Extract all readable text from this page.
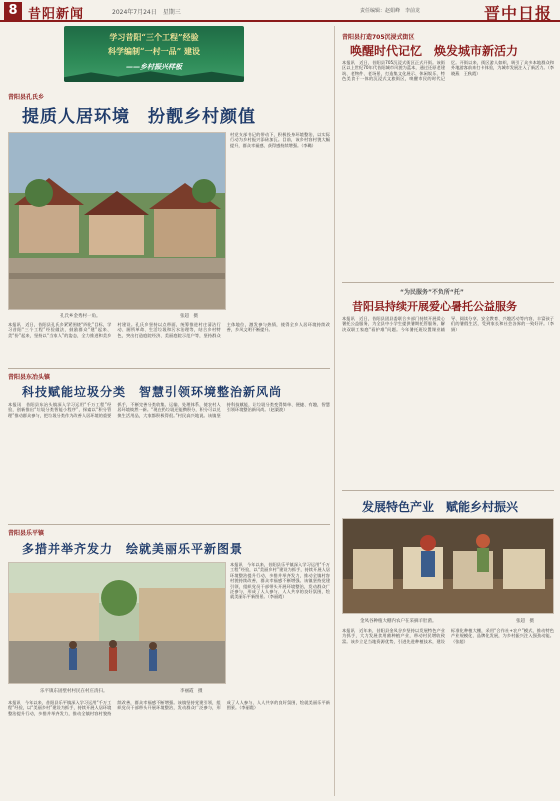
8 昔阳新闻	2024年7月24日　星期三	责任编辑：赵娟峰　李前龙	晋中日报
学习昔阳“三个工程”经验
科学编制“一村一品” 建设
——乡村振兴样板
昔阳县孔氏乡
提质人居环境　扮靓乡村颜值
孔氏乡金秀村一角。	张超　摄
村党支部书记的带动下，积极投身环境整治，以实际行动为乡村振兴添砖加瓦。目前，该乡村容村貌大幅提升，群众幸福感、获得感持续增强。（李璐）
本报讯　近日，昔阳县孔氏乡紧紧围绕“四化”目标，学习昔阳“三个工程”经验做法，鼓励群众“建”起来、美“扮”起来，坚持以“当家人”的姿态，全力推进和美乡村建设。孔氏乡坚持以点带面，统筹推进村庄清洁行动、厕所革命、生活垃圾和污水治理等，结合乡村特色，突出打造庭院经济、美丽庭院示范户等，坚持群众主体地位，激发参与热情，使得全乡人居环境持续改善，乡风文明不断提升。
昔阳县东冶头镇
科技赋能垃圾分类　智慧引领环境整治新风尚
本报讯　昔阳县东冶头镇深入学习运用“千万工程”经验，创新推出“垃圾分类智能小程序”，探索以“积分管理”推动群众参与，把垃圾分类作为改善人居环境的重要抓手，不断完善分类收集、运输、处理体系，使农村人居环境焕然一新。“现在扔垃圾还能攒积分，积分可以兑换生活用品，大家都积极得很。”村民高兴地说。该镇坚持科技赋能，让垃圾分类变得简单、便捷、有趣，智慧引领环境整治新风尚。（赵栗波）
昔阳县乐平镇
多措并举齐发力　绘就美丽乐平新图景
乐平镇东固壁村村民在村庄清扫。	李丽霞　摄
本报讯　今年以来，昔阳县乐平镇深入学习运用“千万工程”经验，以“美丽乡村”建设为抓手，持续开展人居环境整治提升行动，多措并举齐发力，推动全镇村容村貌持续改善，群众幸福感不断增强。该镇坚持党建引领，组织党员干部带头开展环境整治，发动群众广泛参与，形成了人人参与、人人共享的良好氛围，绘就美丽乐平新图景。（李丽霞）
本报讯　今年以来，昔阳县乐平镇深入学习运用“千万工程”经验，以“美丽乡村”建设为抓手，持续开展人居环境整治提升行动，多措并举齐发力，推动全镇村容村貌持续改善，群众幸福感不断增强。该镇坚持党建引领，组织党员干部带头开展环境整治，发动群众广泛参与，形成了人人参与、人人共享的良好氛围，绘就美丽乐平新图景。（李丽霞）
昔阳县打造705沉浸式街区
唤醒时代记忆　焕发城市新活力
本报讯　近日，昔阳县705沉浸式街区正式开街。该街区以上世纪70年代昔阳城市风貌为蓝本，通过还原老建筑、老物件、老场景，打造集文化展示、休闲娱乐、特色美食于一体的沉浸式文旅街区，唤醒市民的时代记忆。开街以来，街区游人如织，吸引了众多本地群众和外地游客前来打卡体验，为城市发展注入了新活力。（李晓燕　王秋霞）
“为民服务”不负所“托”
昔阳县持续开展爱心暑托公益服务
本报讯　近日，昔阳县团县委联合多部门持续开展爱心暑托公益服务，为全县中小学生提供暑期托管服务，解决双职工家庭“看护难”问题。今年暑托班设置课业辅导、阅读分享、安全教育、兴趣活动等内容，丰富孩子们的暑假生活，受到家长和社会各界的一致好评。（李娟）
发展特色产业　赋能乡村振兴
金凤谷种植大棚内农户在采摘羊肚菌。	张超　摄
本报讯　近年来，昔阳县金凤谷乡坚持以发展特色产业为抓手，大力发展食用菌种植产业，带动村民增收致富。该乡立足当地资源优势，引进先进种植技术，建设标准化种植大棚，采用“合作社+农户”模式，推动特色产业规模化、品牌化发展，为乡村振兴注入强劲动能。（张超）
